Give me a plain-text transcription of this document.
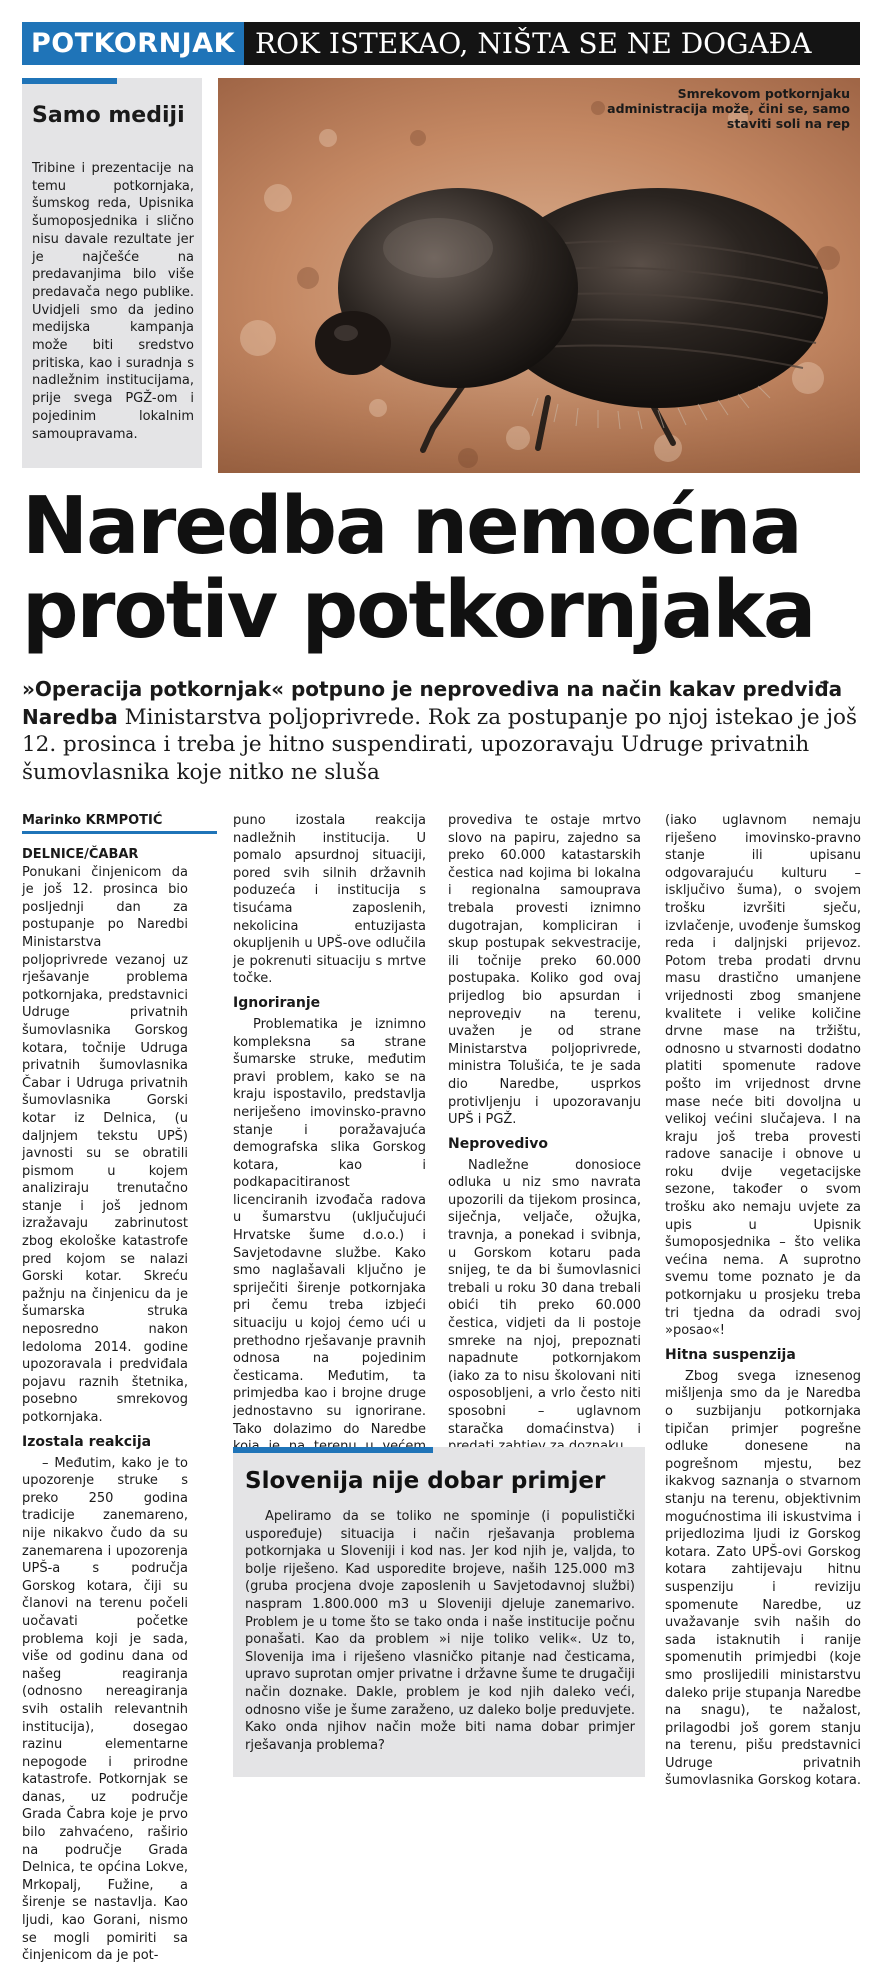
POTKORNJAK ROK ISTEKAO, NIŠTA SE NE DOGAĐA
Samo mediji
Tribine i prezentacije na temu potkornjaka, šumskog reda, Upisnika šumoposjednika i slično nisu davale rezultate jer je najčešće na predavanjima bilo više predavača nego publike. Uvidjeli smo da jedino medijska kampanja može biti sredstvo pritiska, kao i suradnja s nadležnim institucijama, prije svega PGŽ-om i pojedinim lokalnim samoupravama.
Smrekovom potkornjaku administracija može, čini se, samo staviti soli na rep
Naredba nemoćna protiv potkornjaka
»Operacija potkornjak« potpuno je neprovediva na način kakav predviđa Naredba Ministarstva poljoprivrede. Rok za postupanje po njoj istekao je još 12. prosinca i treba je hitno suspendirati, upozoravaju Udruge privatnih šumovlasnika koje nitko ne sluša
Marinko KRMPOTIĆ

DELNICE/ČABAR Ponukani činjenicom da je još 12. prosinca bio posljednji dan za postupanje po Naredbi Ministarstva poljoprivrede vezanoj uz rješavanje problema potkornjaka, predstavnici Udruge privatnih šumovlasnika Gorskog kotara, točnije Udruga privatnih šumovlasnika Čabar i Udruga privatnih šumovlasnika Gorski kotar iz Delnica, (u daljnjem tekstu UPŠ) javnosti su se obratili pismom u kojem analiziraju trenutačno stanje i još jednom izražavaju zabrinutost zbog ekološke katastrofe pred kojom se nalazi Gorski kotar. Skreću pažnju na činjenicu da je šumarska struka neposredno nakon ledoloma 2014. godine upozoravala i predviđala pojavu raznih štetnika, posebno smrekovog potkornjaka.

Izostala reakcija

– Međutim, kako je to upozorenje struke s preko 250 godina tradicije zanemareno, nije nikakvo čudo da su zanemarena i upozorenja UPŠ-a s područja Gorskog kotara, čiji su članovi na terenu počeli uočavati početke problema koji je sada, više od godinu dana od našeg reagiranja (odnosno nereagiranja svih ostalih relevantnih institucija), dosegao razinu elementarne nepogode i prirodne katastrofe. Potkornjak se danas, uz područje Grada Čabra koje je prvo bilo zahvaćeno, raširio na područje Grada Delnica, te općina Lokve, Mrkopalj, Fužine, a širenje se nastavlja. Kao ljudi, kao Gorani, nismo se mogli pomiriti sa činjenicom da je pot-

puno izostala reakcija nadležnih institucija. U pomalo apsurdnoj situaciji, pored svih silnih državnih poduzeća i institucija s tisućama zaposlenih, nekolicina entuzijasta okupljenih u UPŠ-ove odlučila je pokrenuti situaciju s mrtve točke.

Ignoriranje

Problematika je iznimno kompleksna sa strane šumarske struke, međutim pravi problem, kako se na kraju ispostavilo, predstavlja neriješeno imovinsko-pravno stanje i poražavajuća demografska slika Gorskog kotara, kao i podkapacitiranost licenciranih izvođača radova u šumarstvu (uključujući Hrvatske šume d.o.o.) i Savjetodavne službe. Kako smo naglašavali ključno je spriječiti širenje potkornjaka pri čemu treba izbjeći situaciju u kojoj ćemo ući u prethodno rješavanje pravnih odnosa na pojedinim česticama. Međutim, ta primjedba kao i brojne druge jednostavno su ignorirane. Tako dolazimo do Naredbe

provediva te ostaje mrtvo slovo na papiru, zajedno sa preko 60.000 katastarskih čestica nad kojima bi lokalna i regionalna samouprava trebala provesti iznimno dugotrajan, kompliciran i skup postupak sekvestracije, ili točnije preko 60.000 postupaka. Koliko god ovaj prijedlog bio apsurdan i neproveдiv na terenu, uvažen je od strane Ministarstva poljoprivrede, ministra Tolušića, te je sada dio Naredbe, usprkos protivljenju i upozoravanju UPŠ i PGŽ.

Neprovedivo

Nadležne donosioce odluka u niz smo navrata upozorili da tijekom prosinca, siječnja, veljače, ožujka, travnja, a ponekad i svibnja, u Gorskom kotaru pada snijeg, te da bi šumovlasnici trebali u roku 30 dana trebali obići tih preko 60.000 čestica, vidjeti da li postoje smreke na njoj, prepoznati napadnute potkornjakom (iako za to nisu školovani niti osposobljeni, a vrlo često niti sposobni – uglavnom staračka domaćinstva) i

(iako uglavnom nemaju riješeno imovinsko-pravno stanje ili upisanu odgovarajuću kulturu – isključivo šuma), o svojem trošku izvršiti sječu, izvlačenje, uvođenje šumskog reda i daljnjski prijevoz. Potom treba prodati drvnu masu drastično umanjene vrijednosti zbog smanjene kvalitete i velike količine drvne mase na tržištu, odnosno u stvarnosti dodatno platiti spomenute radove pošto im vrijednost drvne mase neće biti dovoljna u velikoj većini slučajeva. I na kraju još treba provesti radove sanacije i obnove u roku dvije vegetacijske sezone, također o svom trošku ako nemaju uvjete za upis u Upisnik šumoposjednika – što velika većina nema. A suprotno svemu tome poznato je da potkornjaku u prosjeku treba tri tjedna da odradi svoj »posao«!

Hitna suspenzija

Zbog svega iznesenog mišljenja smo da je Naredba o suzbijanju potkornjaka tipičan primjer pogrešne odluke donesene na pogrešnom mjestu, bez ikakvog saznanja o stvarnom stanju na terenu, objektivnim mogućnostima ili iskustvima i prijedlozima ljudi iz Gorskog kotara. Zato UPŠ-ovi Gorskog kotara zahtijevaju hitnu suspenziju i reviziju spomenute Naredbe, uz uvažavanje svih naših do sada istaknutih i ranije spomenutih primjedbi (koje smo proslijedili ministarstvu daleko prije stupanja Naredbe na snagu), te nažalost, prilagodbi još gorem stanju na terenu, pišu predstavnici Udruge privatnih šumovlasnika Gorskog kotara.

Slovenija nije dobar primjer
Apeliramo da se toliko ne spominje (i populistički uspoređuje) situacija i način rješavanja problema potkornjaka u Sloveniji i kod nas. Jer kod njih je, valjda, to bolje riješeno. Kad usporedite brojeve, naših 125.000 m3 (gruba procjena dvoje zaposlenih u Savjetodavnoj službi) naspram 1.800.000 m3 u Sloveniji djeluje zanemarivo. Problem je u tome što se tako onda i naše institucije počnu ponašati. Kao da problem »i nije toliko velik«. Uz to, Slovenija ima i riješeno vlasničko pitanje nad česticama, upravo suprotan omjer privatne i državne šume te drugačiji način doznake. Dakle, problem je kod njih daleko veći, odnosno više je šume zaraženo, uz daleko bolje preduvjete. Kako onda njihov način može biti nama dobar primjer rješavanja problema?
